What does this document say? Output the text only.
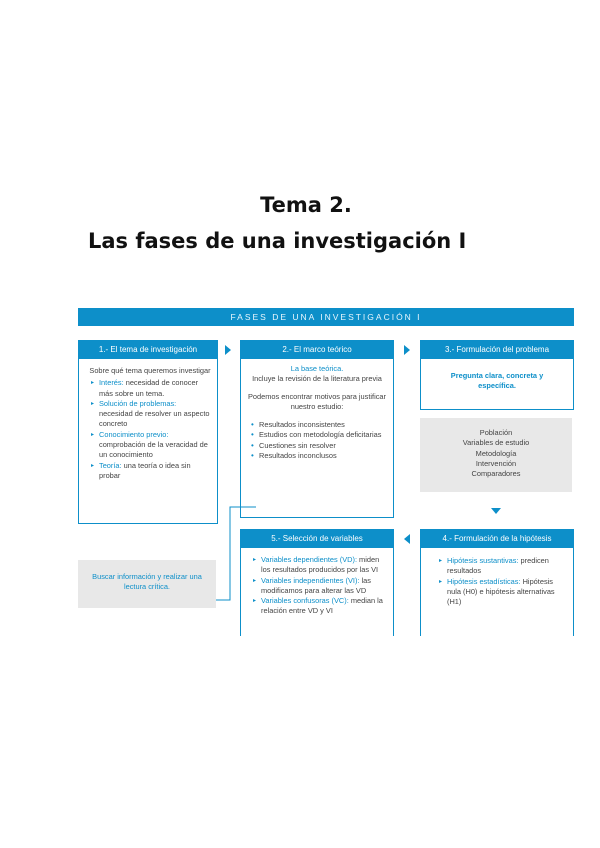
Tema 2.
Las fases de una investigación I
FASES DE UNA INVESTIGACIÓN I
1.- El tema de investigación
Sobre qué tema queremos investigar
▸ Interés: necesidad de conocer más sobre un tema.
▸ Solución de problemas: necesidad de resolver un aspecto concreto
▸ Conocimiento previo: comprobación de la veracidad de un conocimiento
▸ Teoría: una teoría o idea sin probar
2.- El marco teórico
La base teórica.
Incluye la revisión de la literatura previa
Podemos encontrar motivos para justificar nuestro estudio:
• Resultados inconsistentes
• Estudios con metodología deficitarias
• Cuestiones sin resolver
• Resultados inconclusos
3.- Formulación del problema
Pregunta clara, concreta y específica.
Población
Variables de estudio
Metodología
Intervención
Comparadores
4.- Formulación de la hipótesis
▸ Hipótesis sustantivas: predicen resultados
▸ Hipótesis estadísticas: Hipótesis nula (H0) e hipótesis alternativas (H1)
5.- Selección de variables
▸ Variables dependientes (VD): miden los resultados producidos por las VI
▸ Variables independientes (VI): las modificamos para alterar las VD
▸ Variables confusoras (VC): median la relación entre VD y VI
Buscar información y realizar una lectura crítica.
